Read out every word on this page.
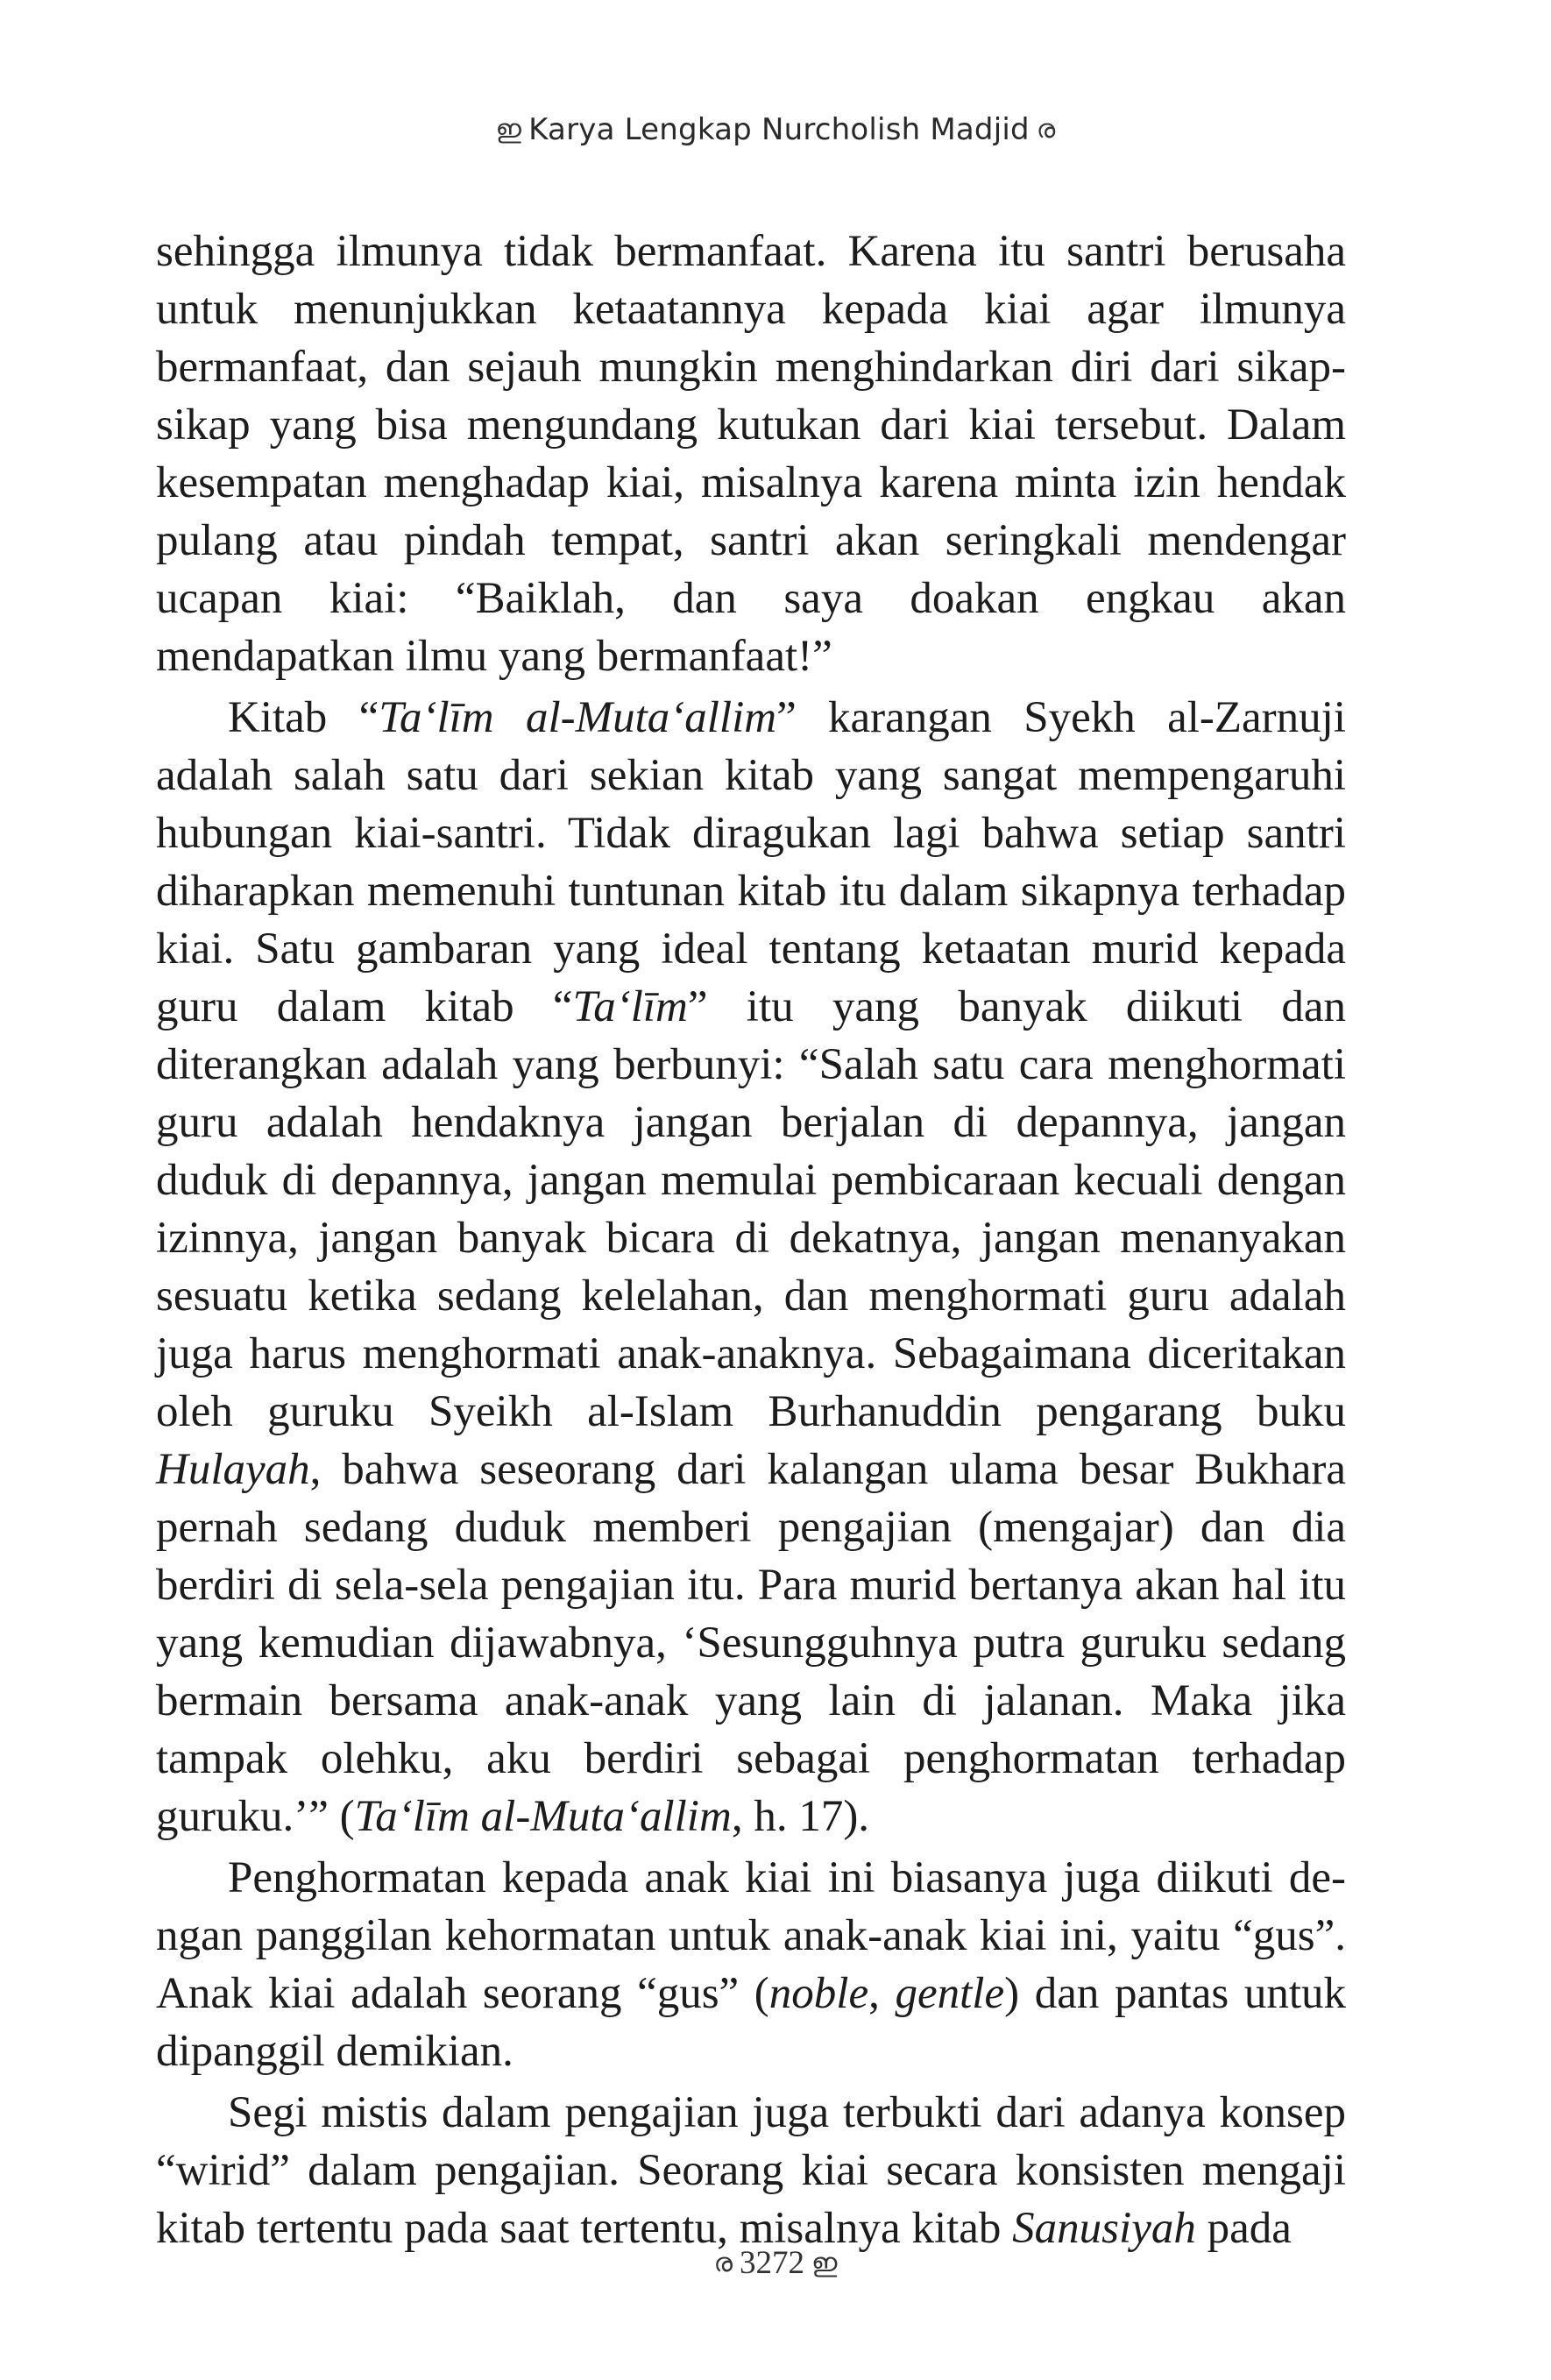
ഇ Karya Lengkap Nurcholish Madjid ര

sehingga ilmunya tidak bermanfaat. Karena itu santri berusaha untuk menunjukkan ketaatannya kepada kiai agar ilmunya bermanfaat, dan sejauh mungkin menghindarkan diri dari sikap-sikap yang bisa mengundang kutukan dari kiai tersebut. Dalam kesempatan menghadap kiai, misalnya karena minta izin hendak pulang atau pindah tempat, santri akan seringkali mendengar ucapan kiai: “Baiklah, dan saya doakan engkau akan mendapatkan ilmu yang bermanfaat!”

Kitab “Ta‘līm al-Muta‘allim” karangan Syekh al-Zarnuji adalah salah satu dari sekian kitab yang sangat mempengaruhi hubungan kiai-santri. Tidak diragukan lagi bahwa setiap santri diharapkan memenuhi tuntunan kitab itu dalam sikapnya terhadap kiai. Satu gambaran yang ideal tentang ketaatan murid kepada guru dalam kitab “Ta‘līm” itu yang banyak diikuti dan diterangkan adalah yang berbunyi: “Salah satu cara menghormati guru adalah hendaknya jangan berjalan di depannya, jangan duduk di depannya, jangan memulai pembicaraan kecuali dengan izinnya, jangan banyak bicara di dekatnya, jangan menanyakan sesuatu ketika sedang kelelahan, dan menghormati guru adalah juga harus menghormati anak-anaknya. Sebagaimana diceritakan oleh guruku Syeikh al-Islam Burhanuddin pengarang buku Hulayah, bahwa seseorang dari kalangan ulama besar Bukhara pernah sedang duduk memberi pengajian (mengajar) dan dia berdiri di sela-sela pengajian itu. Para murid bertanya akan hal itu yang kemudian dijawabnya, ‘Sesungguhnya putra guruku sedang bermain bersama anak-anak yang lain di jalanan. Maka jika tampak olehku, aku berdiri sebagai penghormatan terhadap guruku.’” (Ta‘līm al-Muta‘allim, h. 17).

Penghormatan kepada anak kiai ini biasanya juga diikuti de-ngan panggilan kehormatan untuk anak-anak kiai ini, yaitu “gus”. Anak kiai adalah seorang “gus” (noble, gentle) dan pantas untuk dipanggil demikian.

Segi mistis dalam pengajian juga terbukti dari adanya konsep “wirid” dalam pengajian. Seorang kiai secara konsisten mengaji kitab tertentu pada saat tertentu, misalnya kitab Sanusiyah pada

ര 3272 ഇ
